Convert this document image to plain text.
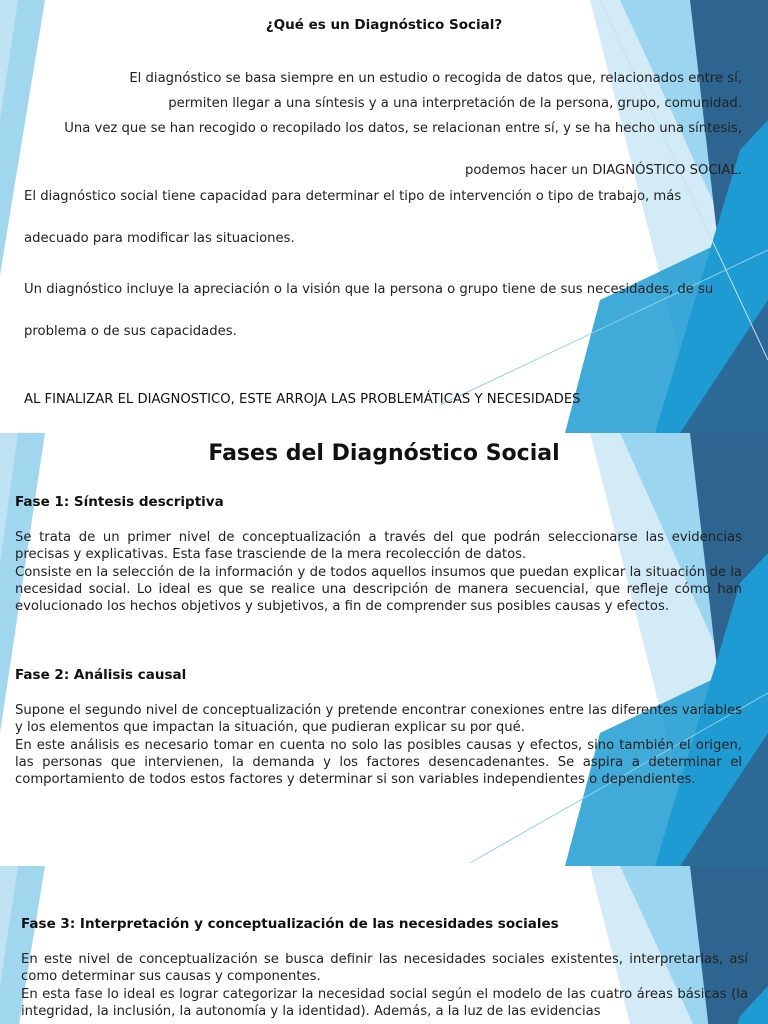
¿Qué es un Diagnóstico Social?

El diagnóstico se basa siempre en un estudio o recogida de datos que, relacionados entre sí,

permiten llegar a una síntesis y a una interpretación de la persona, grupo, comunidad.

Una vez que se han recogido o recopilado los datos, se relacionan entre sí, y se ha hecho una síntesis,

podemos hacer un DIAGNÓSTICO SOCIAL.

El diagnóstico social tiene capacidad para determinar el tipo de intervención o tipo de trabajo, más

adecuado para modificar las situaciones.

Un diagnóstico incluye la apreciación o la visión que la persona o grupo tiene de sus necesidades, de su

problema o de sus capacidades.

AL FINALIZAR EL DIAGNOSTICO, ESTE ARROJA LAS PROBLEMÁTICAS Y NECESIDADES

Fases del Diagnóstico Social

Fase 1: Síntesis descriptiva

Se trata de un primer nivel de conceptualización a través del que podrán seleccionarse las evidencias precisas y explicativas. Esta fase trasciende de la mera recolección de datos.

Consiste en la selección de la información y de todos aquellos insumos que puedan explicar la situación de la necesidad social. Lo ideal es que se realice una descripción de manera secuencial, que refleje cómo han evolucionado los hechos objetivos y subjetivos, a fin de comprender sus posibles causas y efectos.

Fase 2: Análisis causal

Supone el segundo nivel de conceptualización y pretende encontrar conexiones entre las diferentes variables y los elementos que impactan la situación, que pudieran explicar su por qué.

En este análisis es necesario tomar en cuenta no solo las posibles causas y efectos, sino también el origen, las personas que intervienen, la demanda y los factores desencadenantes. Se aspira a determinar el comportamiento de todos estos factores y determinar si son variables independientes o dependientes.

Fase 3: Interpretación y conceptualización de las necesidades sociales

En este nivel de conceptualización se busca definir las necesidades sociales existentes, interpretarlas, así como determinar sus causas y componentes.

En esta fase lo ideal es lograr categorizar la necesidad social según el modelo de las cuatro áreas básicas (la integridad, la inclusión, la autonomía y la identidad). Además, a la luz de las evidencias
